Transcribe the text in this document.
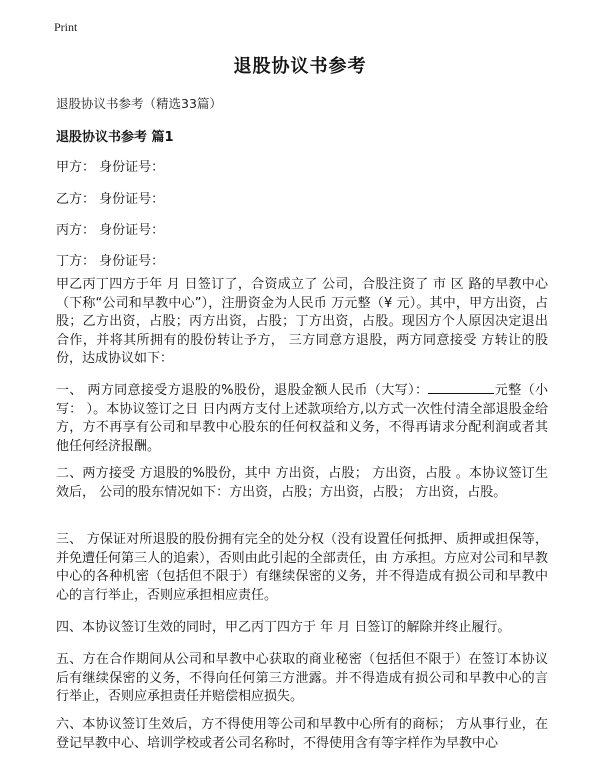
Print
退股协议书参考
退股协议书参考（精选33篇）
退股协议书参考 篇1
甲方： 身份证号：
乙方： 身份证号：
丙方： 身份证号：
丁方： 身份证号：
甲乙丙丁四方于年 月 日签订了，合资成立了 公司，合股注资了 市 区 路的早教中心（下称“公司和早教中心”），注册资金为人民币 万元整（¥ 元）。其中，甲方出资，占股；乙方出资，占股；丙方出资，占股；丁方出资，占股。现因方个人原因决定退出合作，并将其所拥有的股份转让予方， 三方同意方退股，两方同意接受 方转让的股份，达成协议如下：
一、 两方同意接受方退股的%股份，退股金额人民币（大写）：	元整（小写： ）。本协议签订之日 日内两方支付上述款项给方,以方式一次性付清全部退股金给方，方不再享有公司和早教中心股东的任何权益和义务，不得再请求分配利润或者其他任何经济报酬。
二、两方接受 方退股的%股份，其中 方出资，占股； 方出资，占股 。本协议签订生效后， 公司的股东情况如下：方出资，占股；方出资，占股； 方出资，占股。
三、 方保证对所退股的股份拥有完全的处分权（没有设置任何抵押、质押或担保等，并免遭任何第三人的追索），否则由此引起的全部责任，由 方承担。方应对公司和早教中心的各种机密（包括但不限于）有继续保密的义务，并不得造成有损公司和早教中心的言行举止，否则应承担相应责任。
四、本协议签订生效的同时，甲乙丙丁四方于 年 月 日签订的解除并终止履行。
五、方在合作期间从公司和早教中心获取的商业秘密（包括但不限于）在签订本协议后有继续保密的义务，不得向任何第三方泄露。并不得造成有损公司和早教中心的言行举止，否则应承担责任并赔偿相应损失。
六、本协议签订生效后，方不得使用等公司和早教中心所有的商标； 方从事行业，在登记早教中心、培训学校或者公司名称时，不得使用含有等字样作为早教中心
